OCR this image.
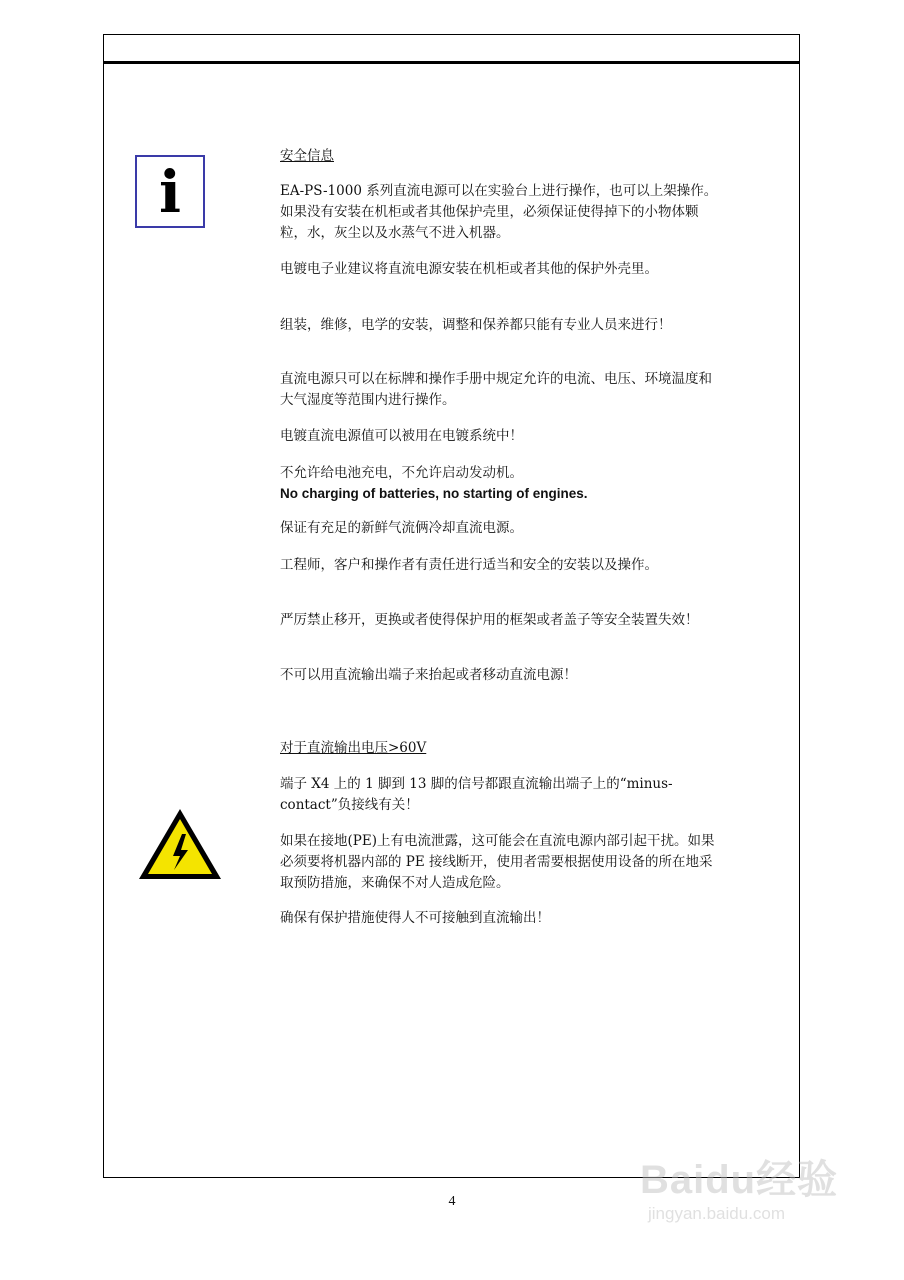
i

安全信息

EA-PS-1000 系列直流电源可以在实验台上进行操作，也可以上架操作。

如果没有安装在机柜或者其他保护壳里，必须保证使得掉下的小物体颗

粒，水，灰尘以及水蒸气不进入机器。

电镀电子业建议将直流电源安装在机柜或者其他的保护外壳里。

组装，维修，电学的安装，调整和保养都只能有专业人员来进行！

直流电源只可以在标牌和操作手册中规定允许的电流、电压、环境温度和

大气湿度等范围内进行操作。

电镀直流电源值可以被用在电镀系统中！

不允许给电池充电，不允许启动发动机。

No charging of batteries, no starting of engines.

保证有充足的新鲜气流俩冷却直流电源。

工程师，客户和操作者有责任进行适当和安全的安装以及操作。

严厉禁止移开，更换或者使得保护用的框架或者盖子等安全装置失效！

不可以用直流输出端子来抬起或者移动直流电源！

对于直流输出电压>60V

端子 X4 上的 1 脚到 13 脚的信号都跟直流输出端子上的“minus-

contact”负接线有关！

如果在接地(PE)上有电流泄露，这可能会在直流电源内部引起干扰。如果

必须要将机器内部的 PE 接线断开，使用者需要根据使用设备的所在地采

取预防措施，来确保不对人造成危险。

确保有保护措施使得人不可接触到直流输出！

4	Baidu经验
jingyan.baidu.com
